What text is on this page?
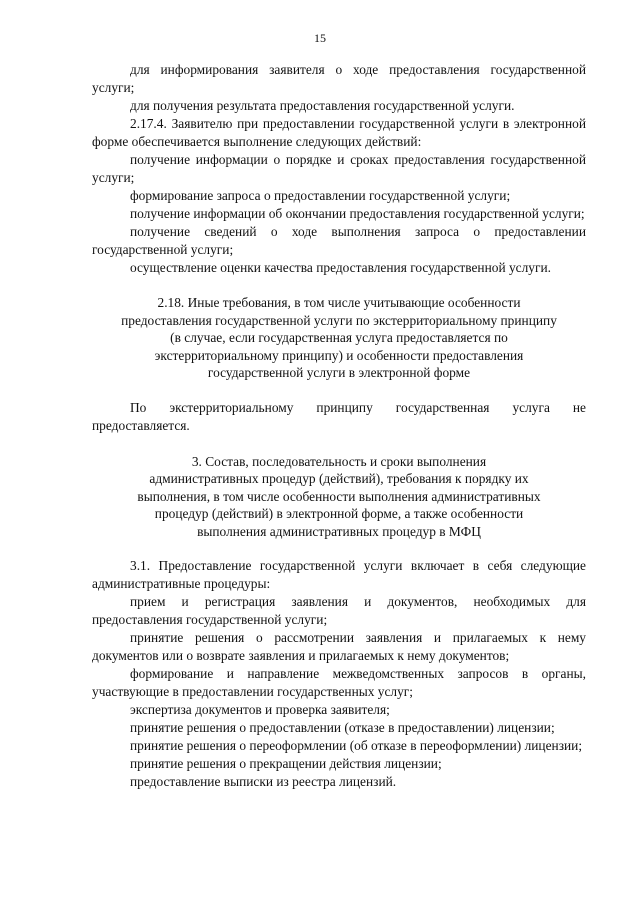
15

для информирования заявителя о ходе предоставления государственной услуги;

для получения результата предоставления государственной услуги.

2.17.4. Заявителю при предоставлении государственной услуги в электронной форме обеспечивается выполнение следующих действий:

получение информации о порядке и сроках предоставления государственной услуги;

формирование запроса о предоставлении государственной услуги;

получение информации об окончании предоставления государственной услуги;

получение сведений о ходе выполнения запроса о предоставлении государственной услуги;

осуществление оценки качества предоставления государственной услуги.

2.18. Иные требования, в том числе учитывающие особенности

предоставления государственной услуги по экстерриториальному принципу

(в случае, если государственная услуга предоставляется по

экстерриториальному принципу) и особенности предоставления

государственной услуги в электронной форме

По экстерриториальному принципу государственная услуга не предоставляется.

3. Состав, последовательность и сроки выполнения

административных процедур (действий), требования к порядку их

выполнения, в том числе особенности выполнения административных

процедур (действий) в электронной форме, а также особенности

выполнения административных процедур в МФЦ

3.1. Предоставление государственной услуги включает в себя следующие административные процедуры:

прием и регистрация заявления и документов, необходимых для предоставления государственной услуги;

принятие решения о рассмотрении заявления и прилагаемых к нему документов или о возврате заявления и прилагаемых к нему документов;

формирование и направление межведомственных запросов в органы, участвующие в предоставлении государственных услуг;

экспертиза документов и проверка заявителя;

принятие решения о предоставлении (отказе в предоставлении) лицензии;

принятие решения о переоформлении (об отказе в переоформлении) лицензии;

принятие решения о прекращении действия лицензии;

предоставление выписки из реестра лицензий.
